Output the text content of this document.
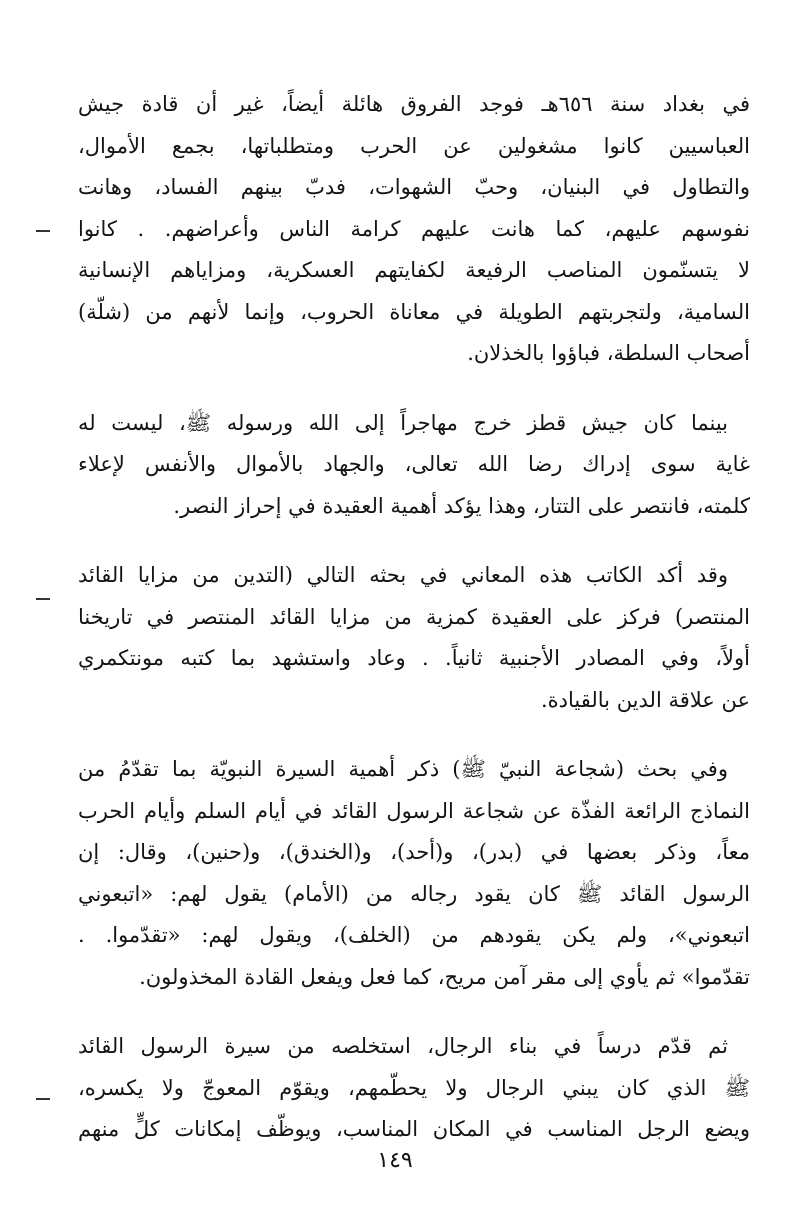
في بغداد سنة ٦٥٦هـ فوجد الفروق هائلة أيضاً، غير أن قادة جيش
العباسيين كانوا مشغولين عن الحرب ومتطلباتها، بجمع الأموال،
والتطاول في البنيان، وحبّ الشهوات، فدبّ بينهم الفساد، وهانت
نفوسهم عليهم، كما هانت عليهم كرامة الناس وأعراضهم. . كانوا
لا يتسنّمون المناصب الرفيعة لكفايتهم العسكرية، ومزاياهم الإنسانية
السامية، ولتجربتهم الطويلة في معاناة الحروب، وإنما لأنهم من (شلّة)
أصحاب السلطة، فباؤوا بالخذلان.

بينما كان جيش قطز خرج مهاجراً إلى الله ورسوله ﷺ، ليست له
غاية سوى إدراك رضا الله تعالى، والجهاد بالأموال والأنفس لإعلاء
كلمته، فانتصر على التتار، وهذا يؤكد أهمية العقيدة في إحراز النصر.

وقد أكد الكاتب هذه المعاني في بحثه التالي (التدين من مزايا القائد
المنتصر) فركز على العقيدة كمزية من مزايا القائد المنتصر في تاريخنا
أولاً، وفي المصادر الأجنبية ثانياً. . وعاد واستشهد بما كتبه مونتكمري
عن علاقة الدين بالقيادة.

وفي بحث (شجاعة النبيّ ﷺ) ذكر أهمية السيرة النبويّة بما تقدّمُ من
النماذج الرائعة الفذّة عن شجاعة الرسول القائد في أيام السلم وأيام الحرب
معاً، وذكر بعضها في (بدر)، و(أحد)، و(الخندق)، و(حنين)، وقال: إن
الرسول القائد ﷺ كان يقود رجاله من (الأمام) يقول لهم: «اتبعوني
اتبعوني»، ولم يكن يقودهم من (الخلف)، ويقول لهم: «تقدّموا. .
تقدّموا» ثم يأوي إلى مقر آمن مريح، كما فعل ويفعل القادة المخذولون.

ثم قدّم درساً في بناء الرجال، استخلصه من سيرة الرسول القائد
ﷺ الذي كان يبني الرجال ولا يحطّمهم، ويقوّم المعوجّ ولا يكسره،
ويضع الرجل المناسب في المكان المناسب، ويوظّف إمكانات كلٍّ منهم

١٤٩
